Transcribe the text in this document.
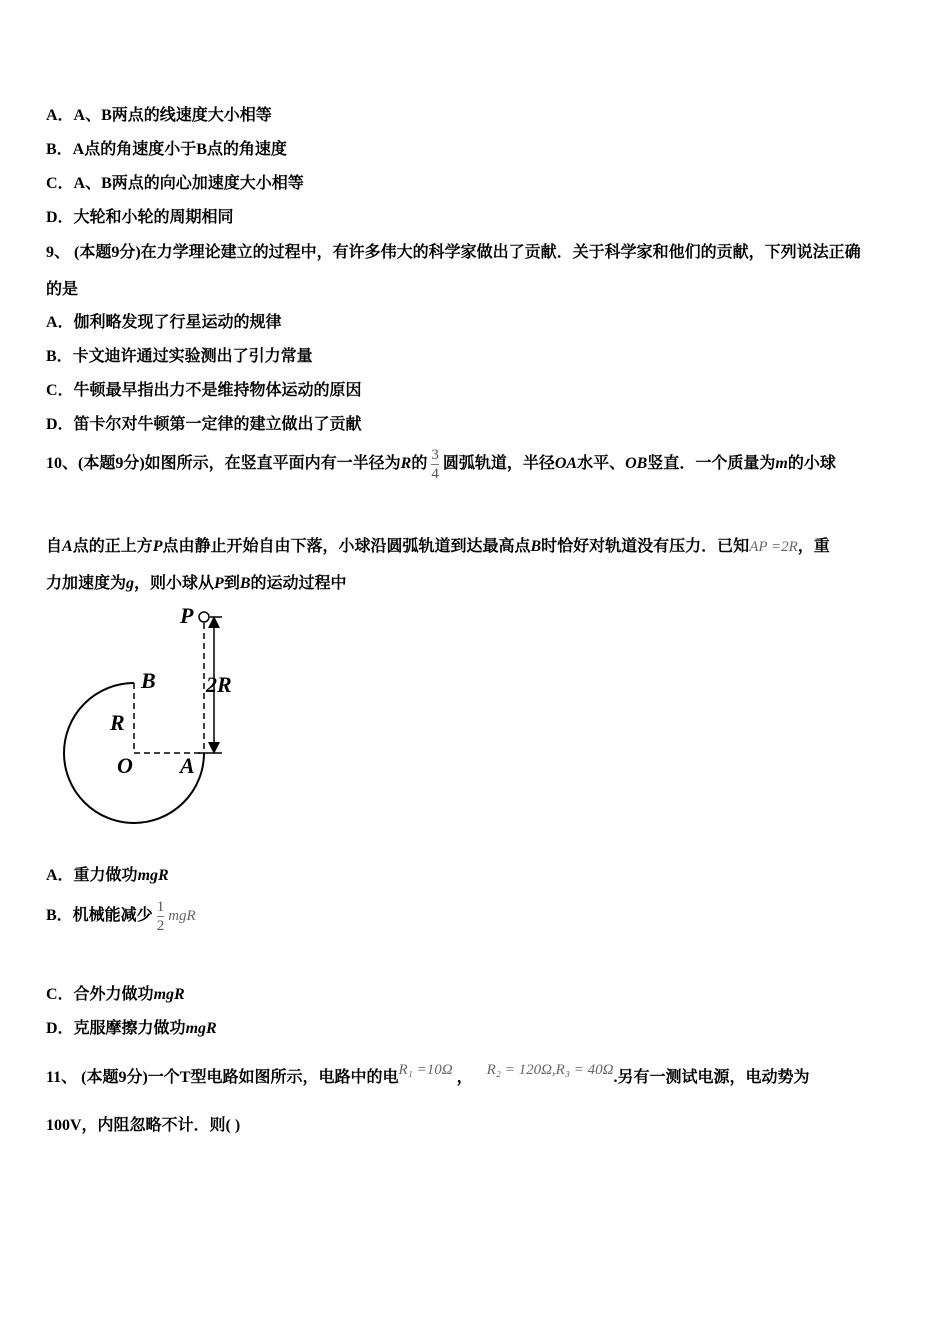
A．A、B两点的线速度大小相等
B．A点的角速度小于B点的角速度
C．A、B两点的向心加速度大小相等
D．大轮和小轮的周期相同
9、 (本题9分)在力学理论建立的过程中，有许多伟大的科学家做出了贡献．关于科学家和他们的贡献，下列说法正确
的是
A．伽利略发现了行星运动的规律
B．卡文迪许通过实验测出了引力常量
C．牛顿最早指出力不是维持物体运动的原因
D．笛卡尔对牛顿第一定律的建立做出了贡献
10、(本题9分)如图所示，在竖直平面内有一半径为R的 $\frac{3}{4}$ 圆弧轨道，半径OA水平、OB竖直．一个质量为m的小球
自A点的正上方P点由静止开始自由下落，小球沿圆弧轨道到达最高点B时恰好对轨道没有压力．已知AP =2R，重
力加速度为g，则小球从P到B的运动过程中
P
B
R
O A
2R
A．重力做功mgR
B．机械能减少 $\frac{1}{2}$ mgR
C．合外力做功mgR
D．克服摩擦力做功mgR
11、 (本题9分)一个T型电路如图所示，电路中的电R₁ =10Ω ， R₂ = 120Ω,R₃ = 40Ω.另有一测试电源，电动势为
100V，内阻忽略不计．则( )
